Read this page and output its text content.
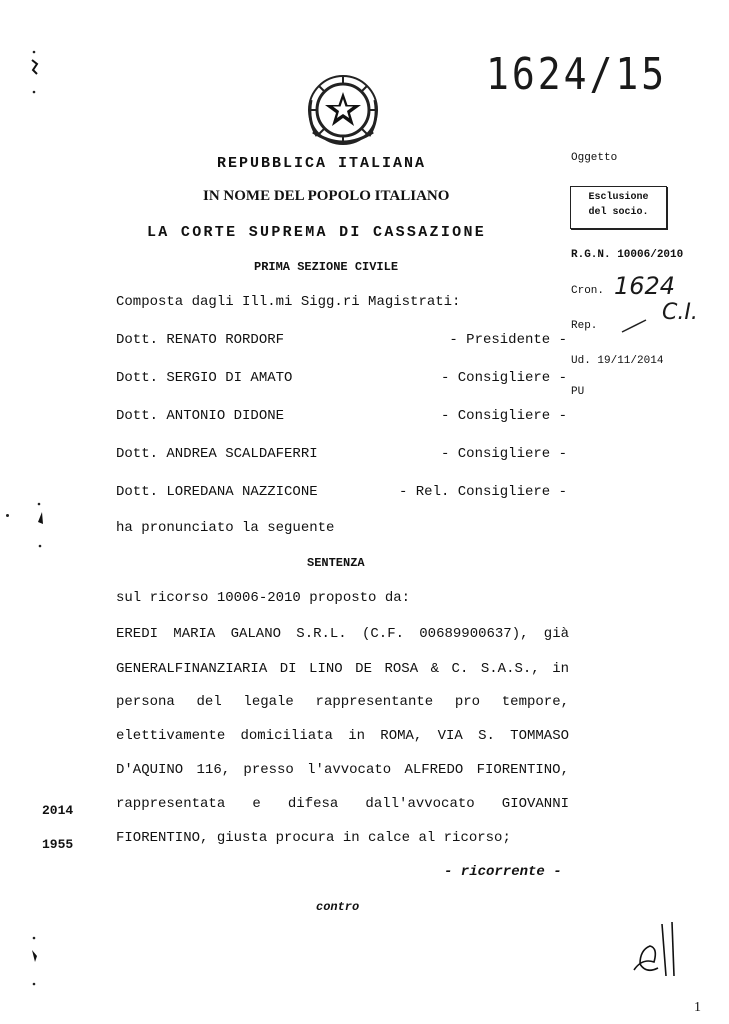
1624/15
REPUBBLICA ITALIANA
IN NOME DEL POPOLO ITALIANO
LA CORTE SUPREMA DI CASSAZIONE
PRIMA SEZIONE CIVILE
Oggetto
Esclusione
del socio.
R.G.N. 10006/2010
Cron. 1624
Rep.
C.I.
Ud. 19/11/2014
PU
Composta dagli Ill.mi Sigg.ri Magistrati:
Dott. RENATO RORDORF	- Presidente -
Dott. SERGIO DI AMATO	- Consigliere -
Dott. ANTONIO DIDONE	- Consigliere -
Dott. ANDREA SCALDAFERRI	- Consigliere -
Dott. LOREDANA NAZZICONE	- Rel. Consigliere -
ha pronunciato la seguente
SENTENZA
sul ricorso 10006-2010 proposto da:
EREDI MARIA GALANO S.R.L. (C.F. 00689900637), già
GENERALFINANZIARIA DI LINO DE ROSA & C. S.A.S., in
persona del legale rappresentante pro tempore,
elettivamente domiciliata in ROMA, VIA S. TOMMASO
D'AQUINO 116, presso l'avvocato ALFREDO FIORENTINO,
rappresentata e difesa dall'avvocato GIOVANNI
FIORENTINO, giusta procura in calce al ricorso;
- ricorrente -
contro
2014
1955
1
